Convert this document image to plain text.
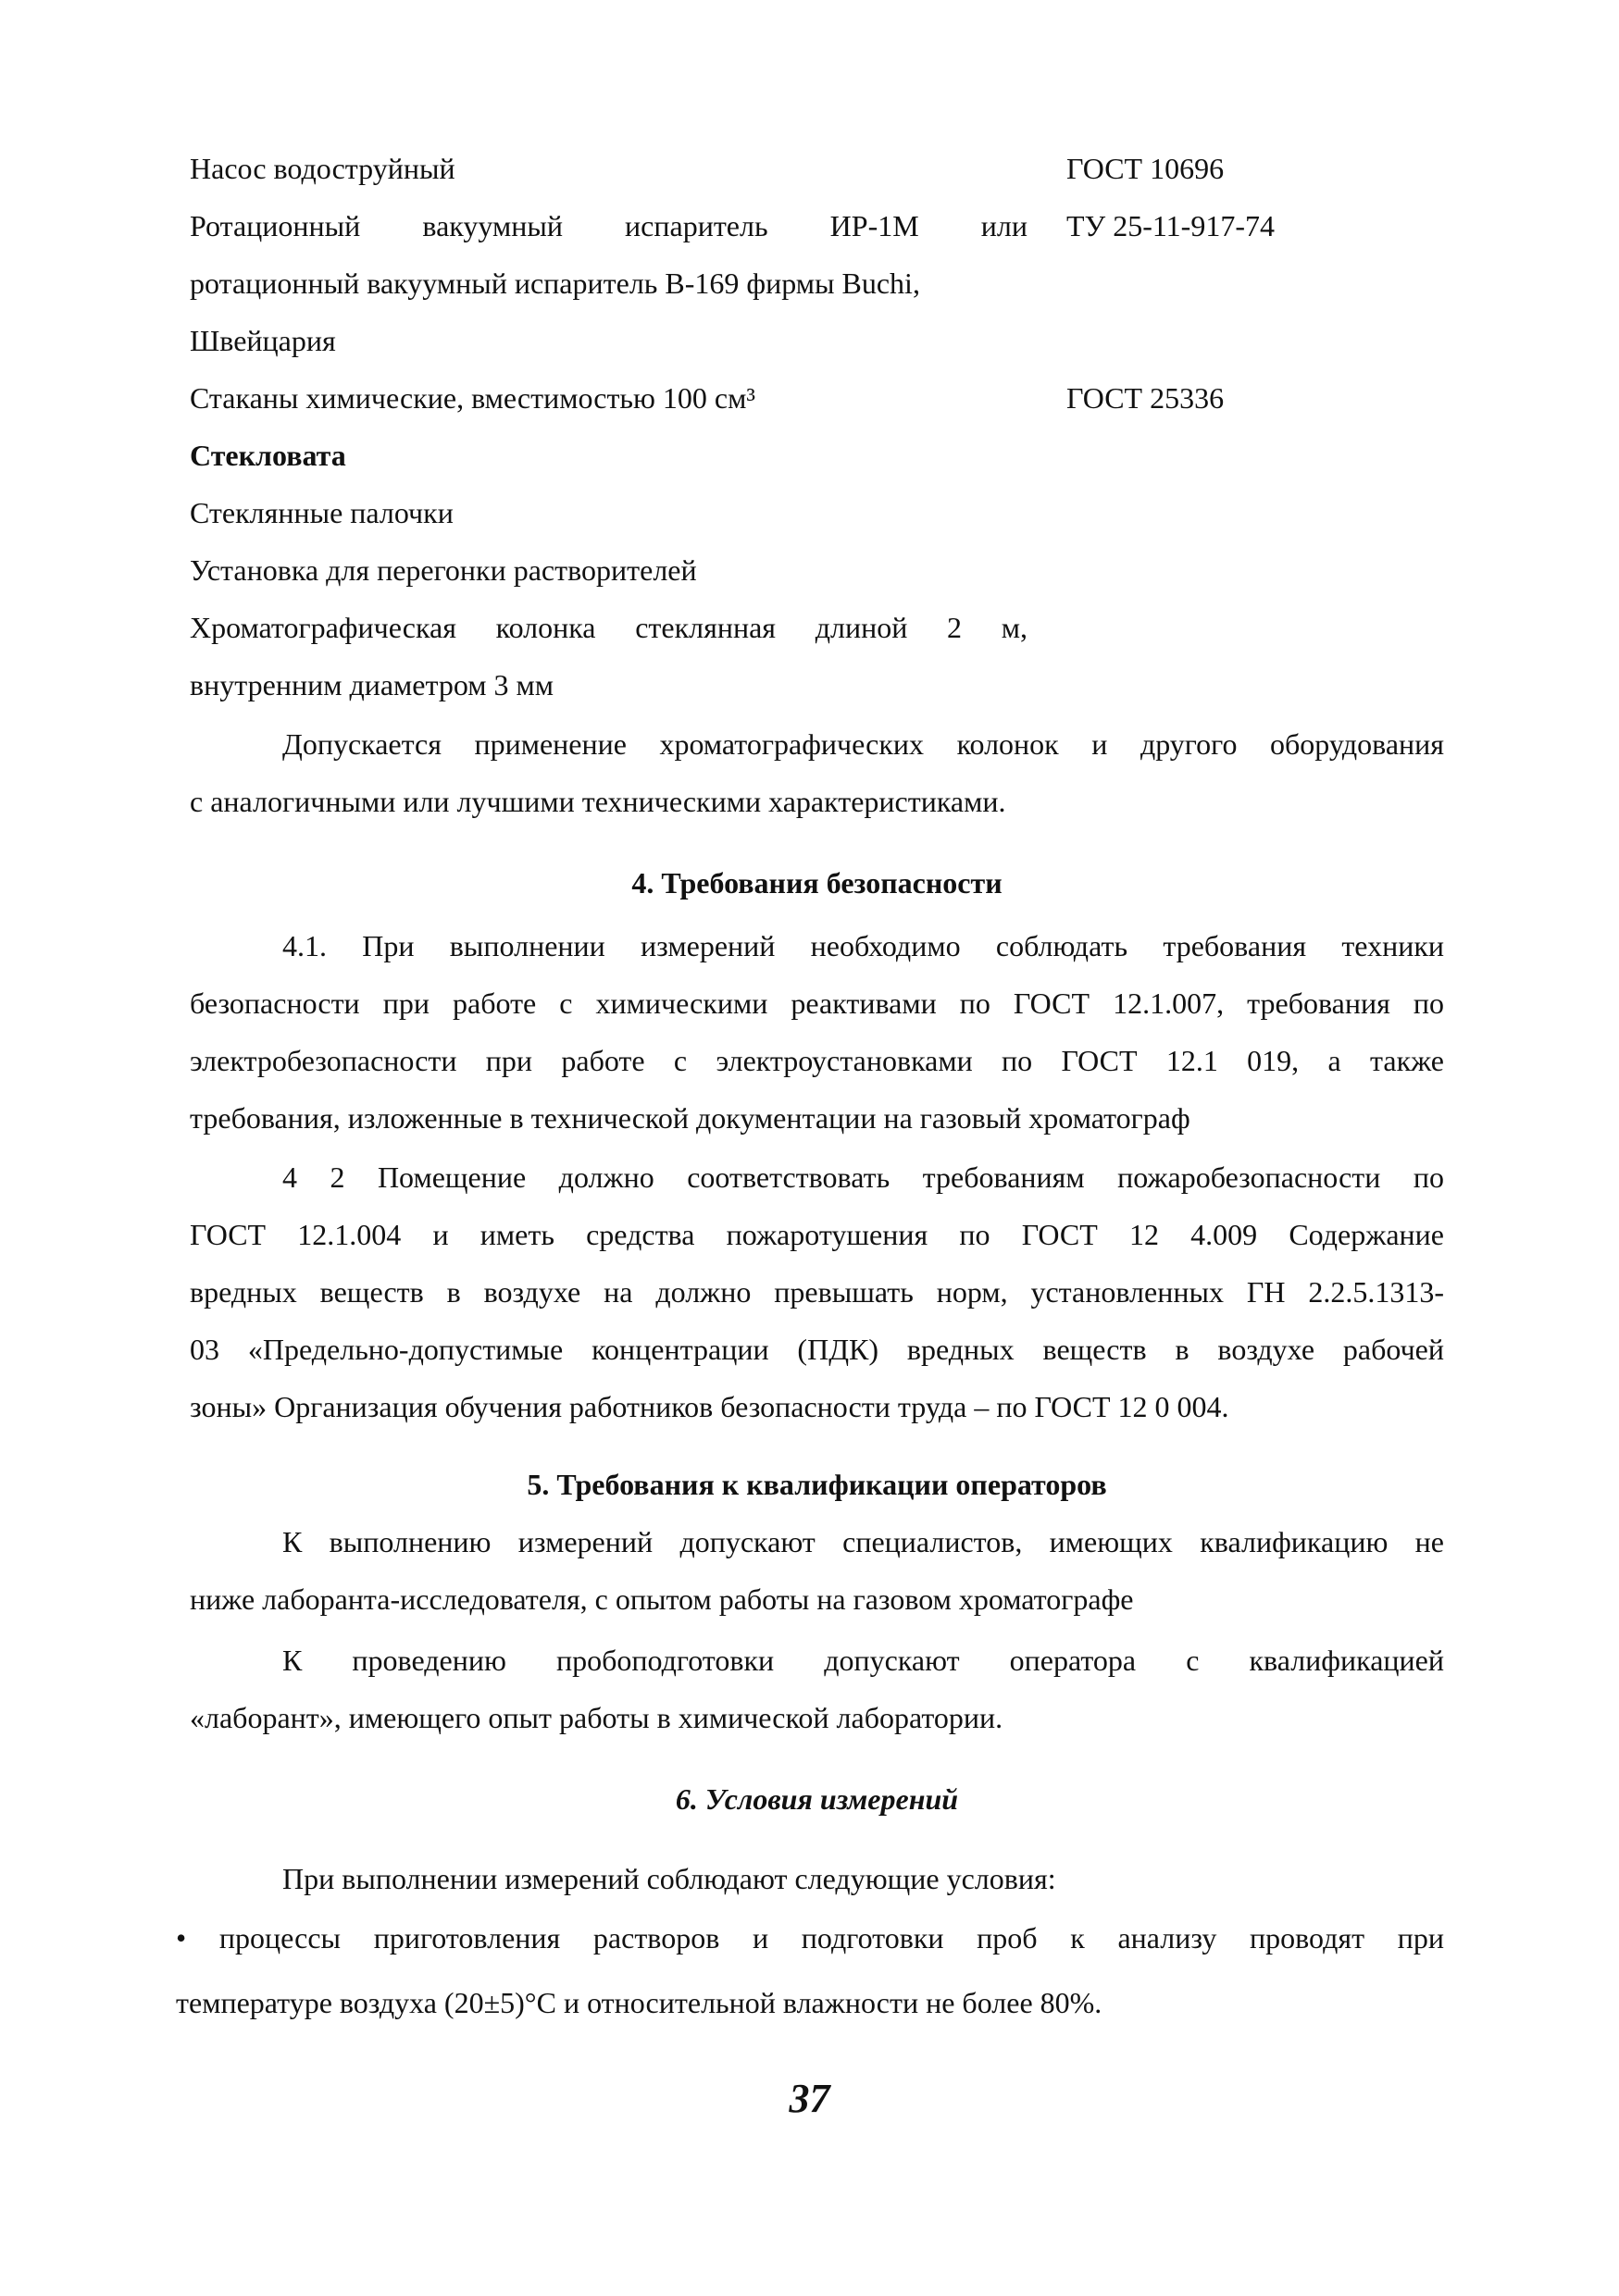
Насос водоструйный	ГОСТ 10696
Ротационный вакуумный испаритель ИР-1М или ТУ 25-11-917-74
ротационный вакуумный испаритель В-169 фирмы Buchi,
Швейцария
Стаканы химические, вместимостью 100 см³	ГОСТ 25336
Стекловата
Стеклянные палочки
Установка для перегонки растворителей
Хроматографическая колонка стеклянная длиной 2 м,
внутренним диаметром 3 мм
Допускается применение хроматографических колонок и другого оборудования
с аналогичными или лучшими техническими характеристиками.
4. Требования безопасности
4.1. При выполнении измерений необходимо соблюдать требования техники
безопасности при работе с химическими реактивами по ГОСТ 12.1.007, требования по
электробезопасности при работе с электроустановками по ГОСТ 12.1 019, а также
требования, изложенные в технической документации на газовый хроматограф
4 2 Помещение должно соответствовать требованиям пожаробезопасности по
ГОСТ 12.1.004 и иметь средства пожаротушения по ГОСТ 12 4.009 Содержание
вредных веществ в воздухе на должно превышать норм, установленных ГН 2.2.5.1313-
03 «Предельно-допустимые концентрации (ПДК) вредных веществ в воздухе рабочей
зоны» Организация обучения работников безопасности труда – по ГОСТ 12 0 004.
5. Требования к квалификации операторов
К выполнению измерений допускают специалистов, имеющих квалификацию не
ниже лаборанта-исследователя, с опытом работы на газовом хроматографе
К проведению пробоподготовки допускают оператора с квалификацией
«лаборант», имеющего опыт работы в химической лаборатории.
6. Условия измерений
При выполнении измерений соблюдают следующие условия:
• процессы приготовления растворов и подготовки проб к анализу проводят при
температуре воздуха (20±5)°С и относительной влажности не более 80%.
37
